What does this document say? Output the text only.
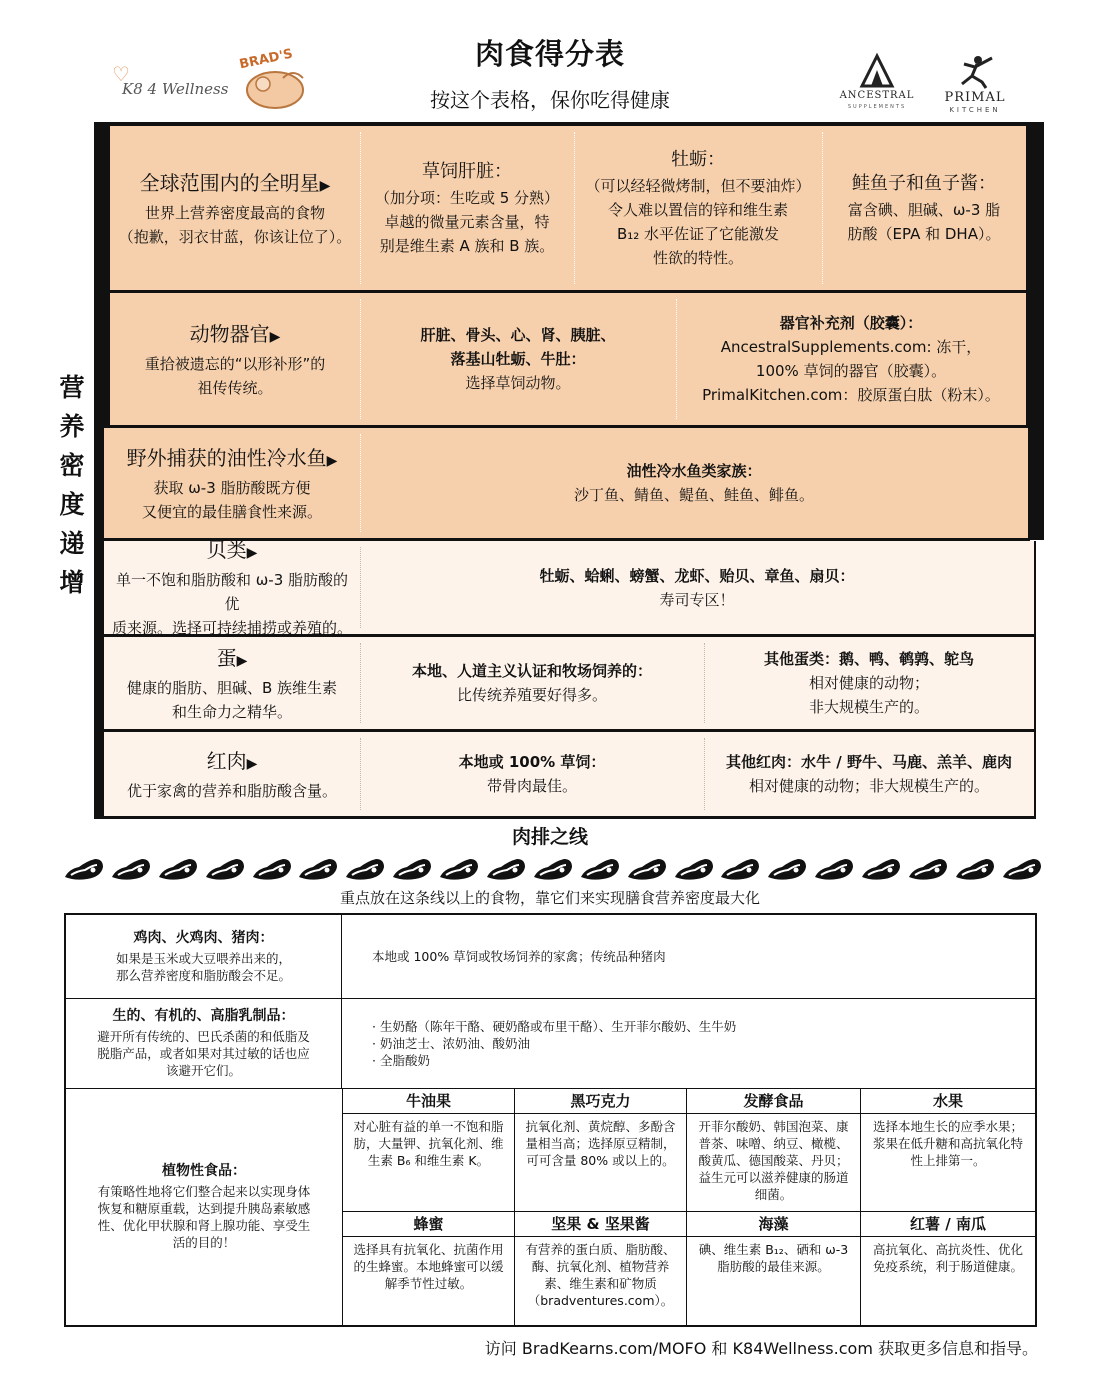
肉食得分表
按这个表格，保你吃得健康
♡
K8 4 Wellness
BRAD'S
ANCESTRAL
SUPPLEMENTS
PRIMAL
KITCHEN
营养密度递增
全球范围内的全明星▶
世界上营养密度最高的食物
（抱歉，羽衣甘蓝，你该让位了）。
草饲肝脏：
（加分项：生吃或 5 分熟）
卓越的微量元素含量，特
别是维生素 A 族和 B 族。
牡蛎：
（可以经轻微烤制，但不要油炸）
令人难以置信的锌和维生素
B₁₂ 水平佐证了它能激发
性欲的特性。
鲑鱼子和鱼子酱：
富含碘、胆碱、ω-3 脂
肪酸（EPA 和 DHA）。
动物器官▶
重拾被遗忘的“以形补形”的
祖传传统。
肝脏、骨头、心、肾、胰脏、
落基山牡蛎、牛肚：
选择草饲动物。
器官补充剂（胶囊）：
AncestralSupplements.com: 冻干，
100% 草饲的器官（胶囊）。
PrimalKitchen.com：胶原蛋白肽（粉末）。
野外捕获的油性冷水鱼▶
获取 ω-3 脂肪酸既方便
又便宜的最佳膳食性来源。
油性冷水鱼类家族：
沙丁鱼、鲭鱼、鳀鱼、鲑鱼、鲱鱼。
贝类▶
单一不饱和脂肪酸和 ω-3 脂肪酸的优
质来源。选择可持续捕捞或养殖的。
牡蛎、蛤蜊、螃蟹、龙虾、贻贝、章鱼、扇贝：
寿司专区！
蛋▶
健康的脂肪、胆碱、B 族维生素
和生命力之精华。
本地、人道主义认证和牧场饲养的：
比传统养殖要好得多。
其他蛋类：鹅、鸭、鹌鹑、鸵鸟
相对健康的动物；
非大规模生产的。
红肉▶
优于家禽的营养和脂肪酸含量。
本地或 100% 草饲：
带骨肉最佳。
其他红肉：水牛 / 野牛、马鹿、羔羊、鹿肉
相对健康的动物；非大规模生产的。
肉排之线
重点放在这条线以上的食物，靠它们来实现膳食营养密度最大化
鸡肉、火鸡肉、猪肉：
如果是玉米或大豆喂养出来的，
那么营养密度和脂肪酸会不足。
本地或 100% 草饲或牧场饲养的家禽；传统品种猪肉
生的、有机的、高脂乳制品：
避开所有传统的、巴氏杀菌的和低脂及
脱脂产品，或者如果对其过敏的话也应
该避开它们。
· 生奶酪（陈年干酪、硬奶酪或布里干酪）、生开菲尔酸奶、生牛奶
· 奶油芝士、浓奶油、酸奶油
· 全脂酸奶
植物性食品：
有策略性地将它们整合起来以实现身体
恢复和糖原重载，达到提升胰岛素敏感
性、优化甲状腺和肾上腺功能、享受生
活的目的！
牛油果
对心脏有益的单一不饱和脂肪，大量钾、抗氧化剂、维生素 B₆ 和维生素 K。
黑巧克力
抗氧化剂、黄烷醇、多酚含量相当高；选择原豆精制，可可含量 80% 或以上的。
发酵食品
开菲尔酸奶、韩国泡菜、康普茶、味噌、纳豆、橄榄、酸黄瓜、德国酸菜、丹贝；益生元可以滋养健康的肠道细菌。
水果
选择本地生长的应季水果；浆果在低升糖和高抗氧化特性上排第一。
蜂蜜
选择具有抗氧化、抗菌作用的生蜂蜜。本地蜂蜜可以缓解季节性过敏。
坚果 & 坚果酱
有营养的蛋白质、脂肪酸、酶、抗氧化剂、植物营养素、维生素和矿物质（bradventures.com）。
海藻
碘、维生素 B₁₂、硒和 ω-3 脂肪酸的最佳来源。
红薯 / 南瓜
高抗氧化、高抗炎性、优化免疫系统，利于肠道健康。
访问 BradKearns.com/MOFO 和 K84Wellness.com 获取更多信息和指导。
